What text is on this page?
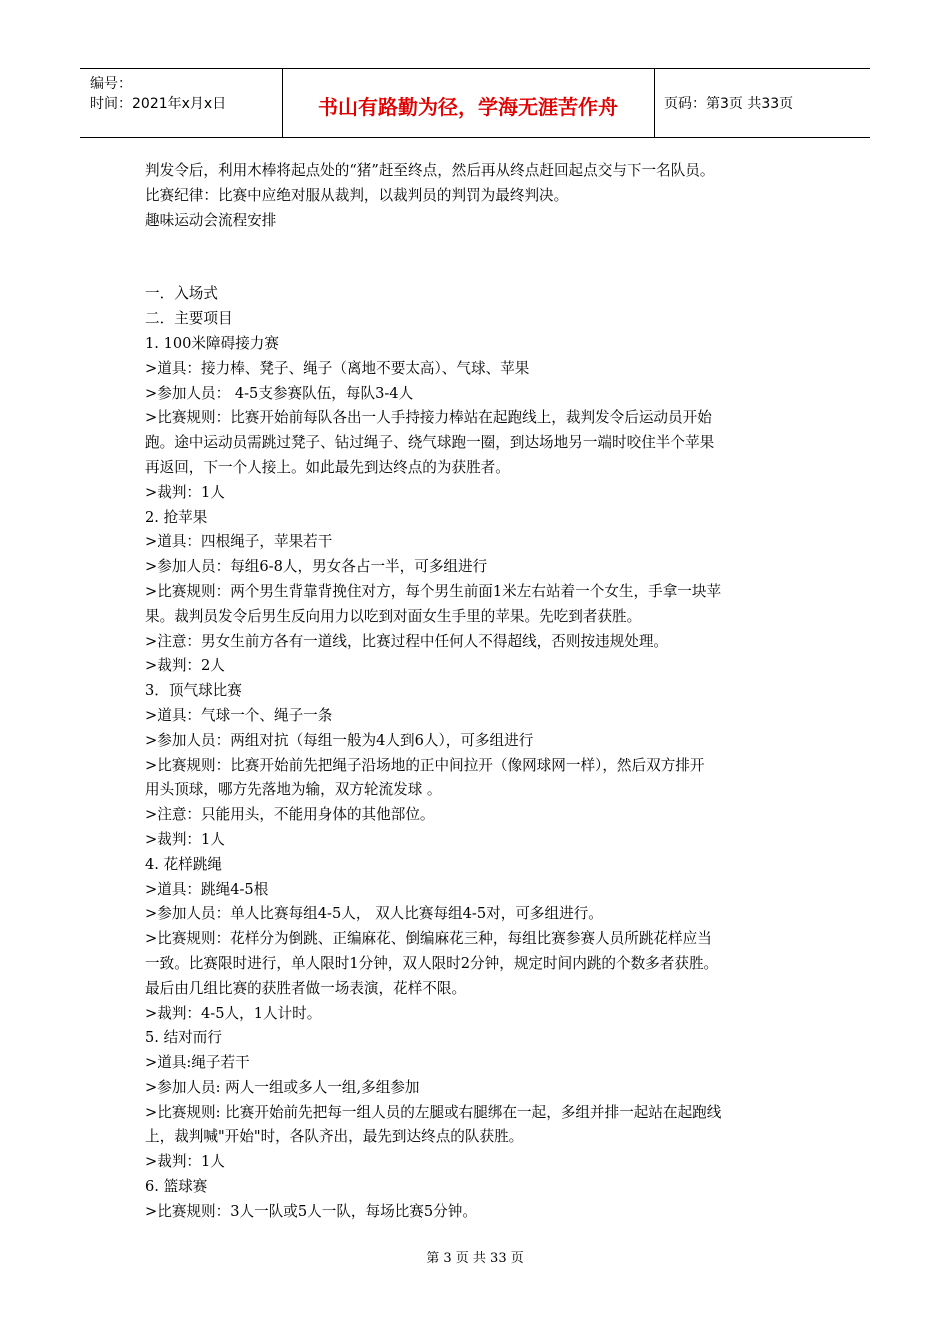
编号：
时间：2021年x月x日	书山有路勤为径，学海无涯苦作舟	页码：第3页 共33页

判发令后，利用木棒将起点处的“猪”赶至终点，然后再从终点赶回起点交与下一名队员。

比赛纪律：比赛中应绝对服从裁判，以裁判员的判罚为最终判决。

趣味运动会流程安排

一．入场式

二．主要项目

1. 100米障碍接力赛

>道具：接力棒、凳子、绳子（离地不要太高）、气球、苹果

>参加人员： 4-5支参赛队伍，每队3-4人

>比赛规则：比赛开始前每队各出一人手持接力棒站在起跑线上，裁判发令后运动员开始

跑。途中运动员需跳过凳子、钻过绳子、绕气球跑一圈，到达场地另一端时咬住半个苹果

再返回，下一个人接上。如此最先到达终点的为获胜者。

>裁判：1人

2. 抢苹果

>道具：四根绳子，苹果若干

>参加人员：每组6-8人，男女各占一半，可多组进行

>比赛规则：两个男生背靠背挽住对方，每个男生前面1米左右站着一个女生，手拿一块苹

果。裁判员发令后男生反向用力以吃到对面女生手里的苹果。先吃到者获胜。

>注意：男女生前方各有一道线，比赛过程中任何人不得超线，否则按违规处理。

>裁判：2人

3．顶气球比赛

>道具：气球一个、绳子一条

>参加人员：两组对抗（每组一般为4人到6人），可多组进行

>比赛规则：比赛开始前先把绳子沿场地的正中间拉开（像网球网一样），然后双方排开

用头顶球，哪方先落地为输，双方轮流发球 。

>注意：只能用头，不能用身体的其他部位。

>裁判：1人

4. 花样跳绳

>道具：跳绳4-5根

>参加人员：单人比赛每组4-5人， 双人比赛每组4-5对，可多组进行。

>比赛规则：花样分为倒跳、正编麻花、倒编麻花三种，每组比赛参赛人员所跳花样应当

一致。比赛限时进行，单人限时1分钟，双人限时2分钟，规定时间内跳的个数多者获胜。

最后由几组比赛的获胜者做一场表演，花样不限。

>裁判：4-5人，1人计时。

5. 结对而行

>道具:绳子若干

>参加人员: 两人一组或多人一组,多组参加

>比赛规则: 比赛开始前先把每一组人员的左腿或右腿绑在一起，多组并排一起站在起跑线

上，裁判喊"开始"时，各队齐出，最先到达终点的队获胜。

>裁判：1人

6. 篮球赛

>比赛规则：3人一队或5人一队，每场比赛5分钟。

第 3 页 共 33 页
